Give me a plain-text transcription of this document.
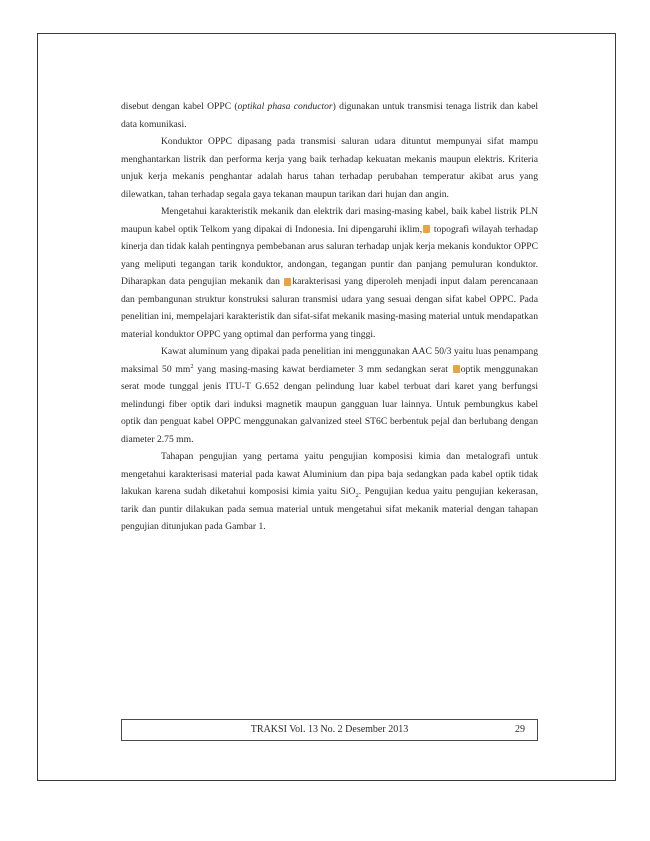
disebut dengan kabel OPPC (optikal phasa conductor) digunakan untuk transmisi tenaga listrik dan kabel data komunikasi.

Konduktor OPPC dipasang pada transmisi saluran udara dituntut mempunyai sifat mampu menghantarkan listrik dan performa kerja yang baik terhadap kekuatan mekanis maupun elektris. Kriteria unjuk kerja mekanis penghantar adalah harus tahan terhadap perubahan temperatur akibat arus yang dilewatkan, tahan terhadap segala gaya tekanan maupun tarikan dari hujan dan angin.

Mengetahui karakteristik mekanik dan elektrik dari masing-masing kabel, baik kabel listrik PLN maupun kabel optik Telkom yang dipakai di Indonesia. Ini dipengaruhi iklim, topografi wilayah terhadap kinerja dan tidak kalah pentingnya pembebanan arus saluran terhadap unjak kerja mekanis konduktor OPPC yang meliputi tegangan tarik konduktor, andongan, tegangan puntir dan panjang pemuluran konduktor. Diharapkan data pengujian mekanik dan karakterisasi yang diperoleh menjadi input dalam perencanaan dan pembangunan struktur konstruksi saluran transmisi udara yang sesuai dengan sifat kabel OPPC. Pada penelitian ini, mempelajari karakteristik dan sifat-sifat mekanik masing-masing material untuk mendapatkan material konduktor OPPC yang optimal dan performa yang tinggi.

Kawat aluminum yang dipakai pada penelitian ini menggunakan AAC 50/3 yaitu luas penampang maksimal 50 $mm^2$ yang masing-masing kawat berdiameter 3 mm sedangkan serat optik menggunakan serat mode tunggal jenis ITU-T G.652 dengan pelindung luar kabel terbuat dari karet yang berfungsi melindungi fiber optik dari induksi magnetik maupun gangguan luar lainnya. Untuk pembungkus kabel optik dan penguat kabel OPPC menggunakan galvanized steel ST6C berbentuk pejal dan berlubang dengan diameter 2.75 mm.

Tahapan pengujian yang pertama yaitu pengujian komposisi kimia dan metalografi untuk mengetahui karakterisasi material pada kawat Aluminium dan pipa baja sedangkan pada kabel optik tidak lakukan karena sudah diketahui komposisi kimia yaitu SiO$_2$. Pengujian kedua yaitu pengujian kekerasan, tarik dan puntir dilakukan pada semua material untuk mengetahui sifat mekanik material dengan tahapan pengujian ditunjukan pada Gambar 1.

TRAKSI Vol. 13 No. 2 Desember 2013	29
